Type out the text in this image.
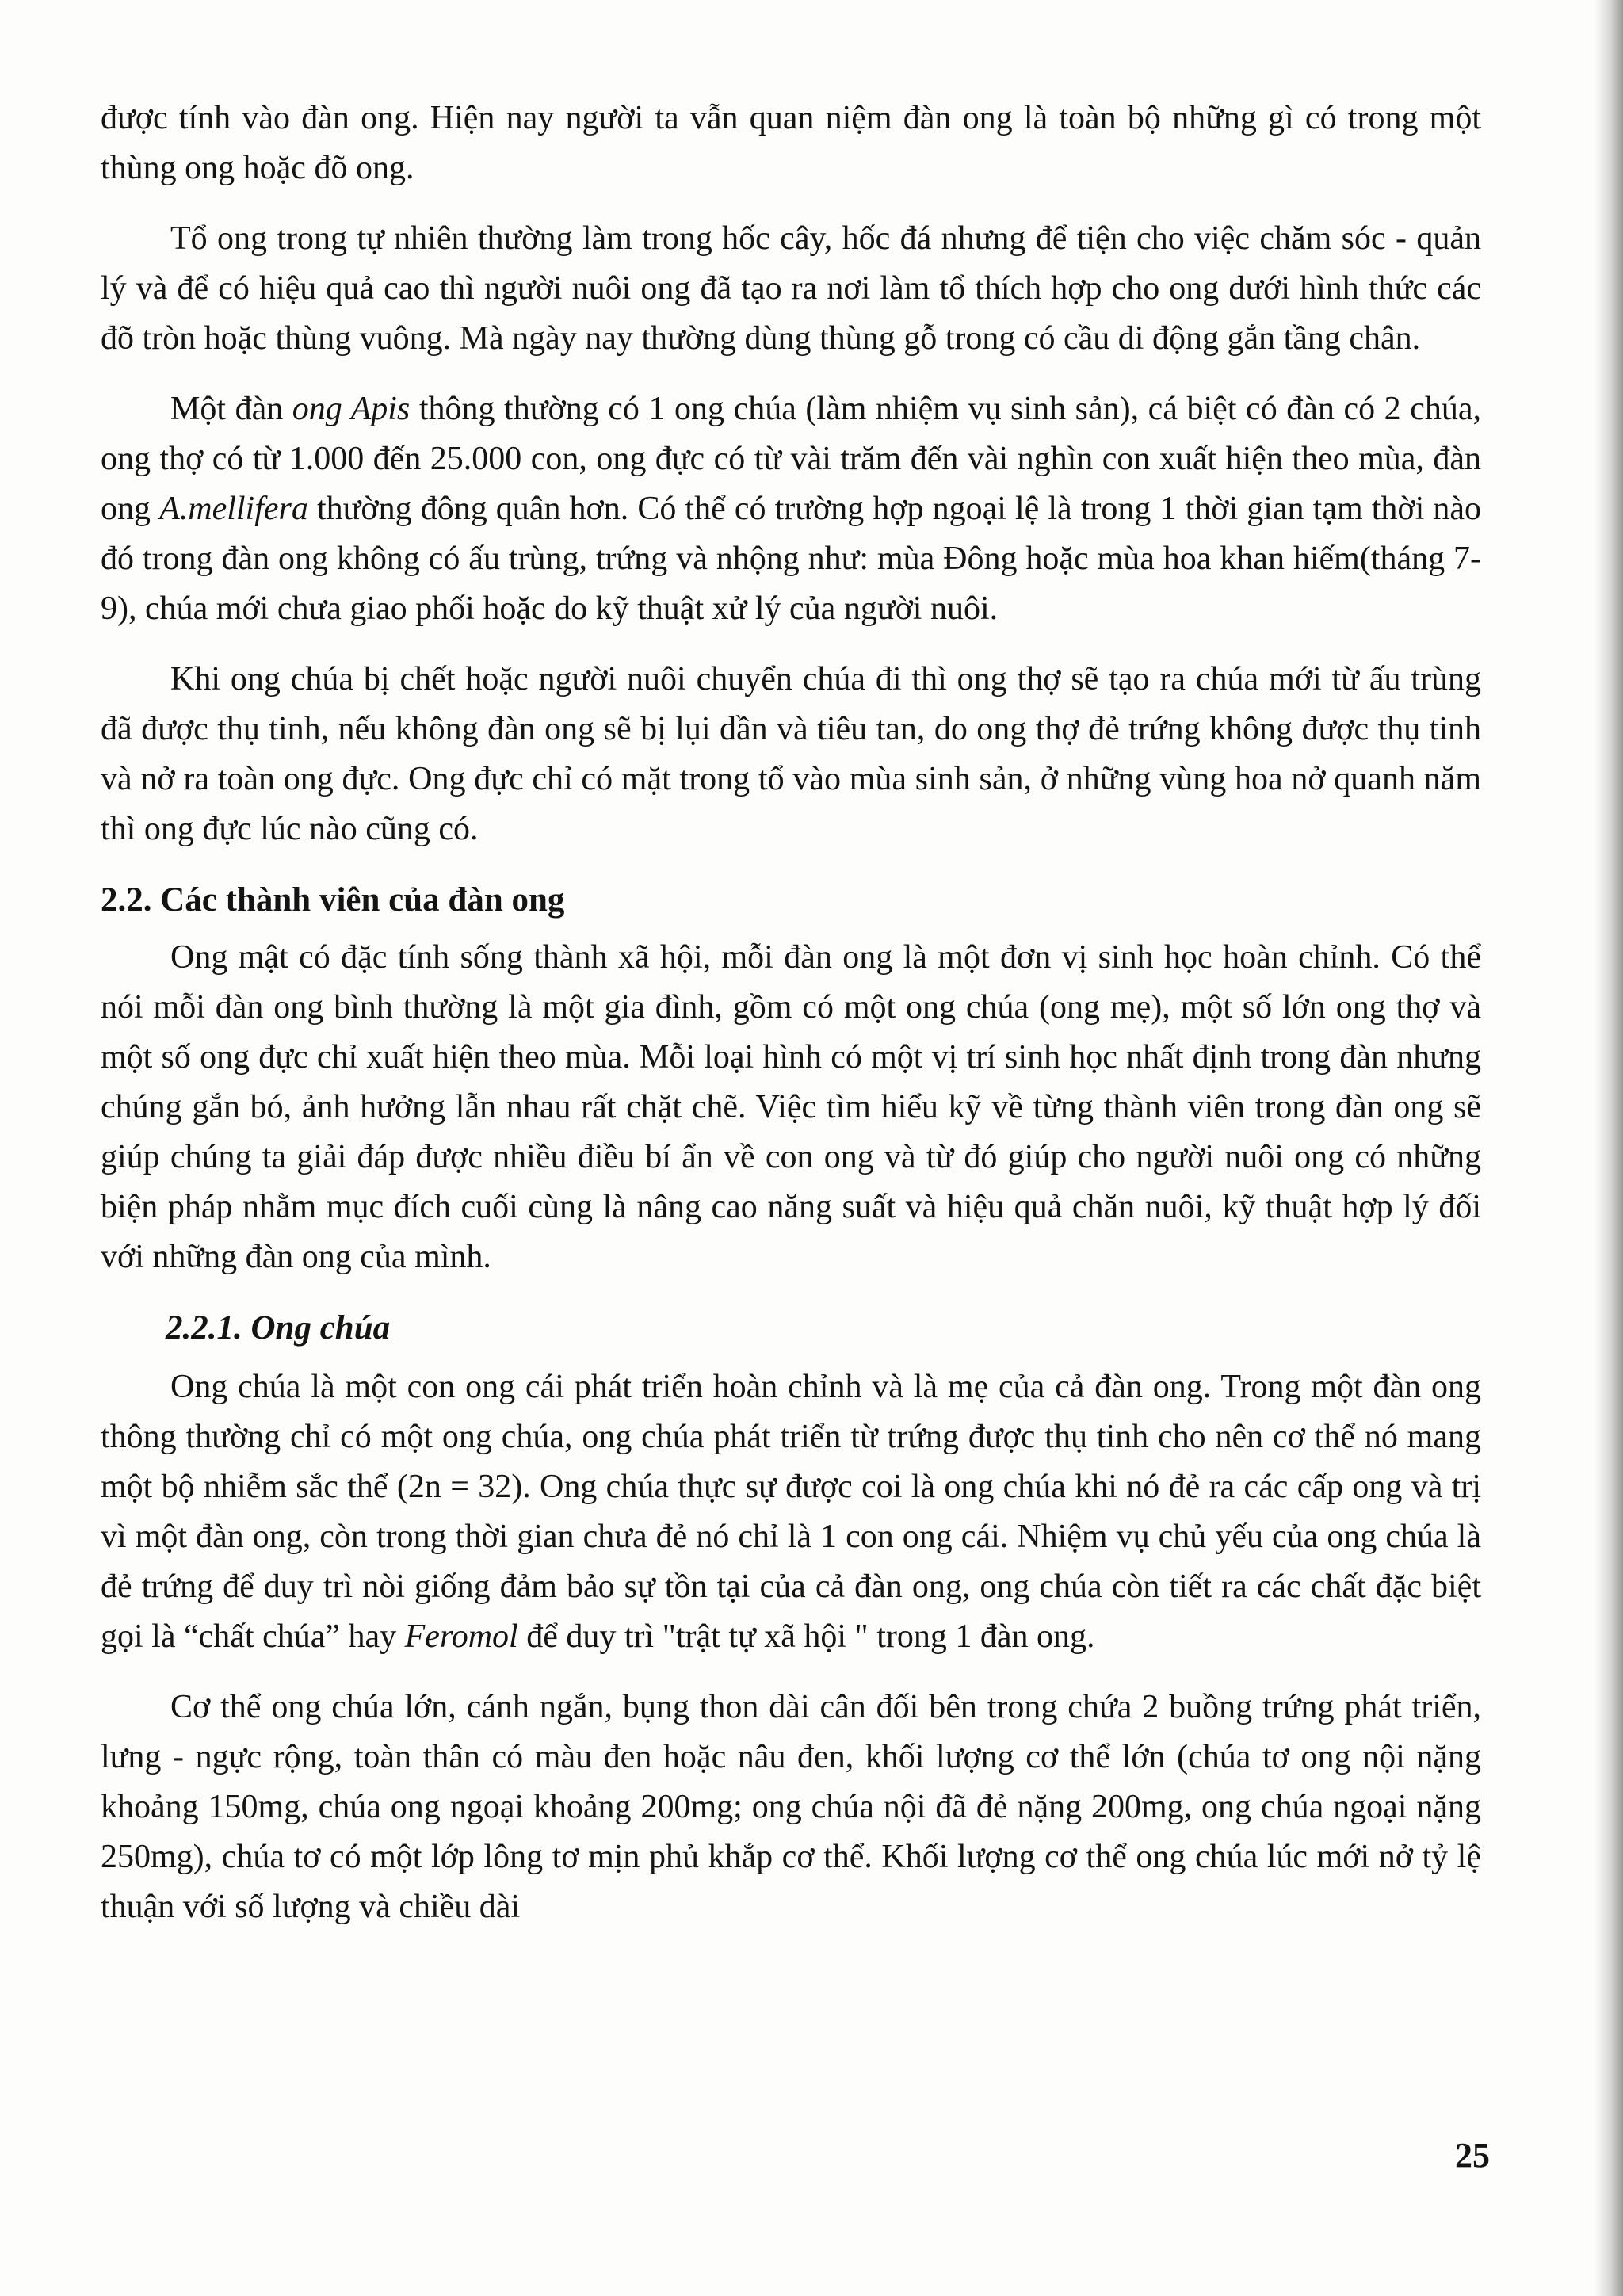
được tính vào đàn ong. Hiện nay người ta vẫn quan niệm đàn ong là toàn bộ những gì có trong một thùng ong hoặc đõ ong.

Tổ ong trong tự nhiên thường làm trong hốc cây, hốc đá nhưng để tiện cho việc chăm sóc - quản lý và để có hiệu quả cao thì người nuôi ong đã tạo ra nơi làm tổ thích hợp cho ong dưới hình thức các đõ tròn hoặc thùng vuông. Mà ngày nay thường dùng thùng gỗ trong có cầu di động gắn tầng chân.

Một đàn ong Apis thông thường có 1 ong chúa (làm nhiệm vụ sinh sản), cá biệt có đàn có 2 chúa, ong thợ có từ 1.000 đến 25.000 con, ong đực có từ vài trăm đến vài nghìn con xuất hiện theo mùa, đàn ong A.mellifera thường đông quân hơn. Có thể có trường hợp ngoại lệ là trong 1 thời gian tạm thời nào đó trong đàn ong không có ấu trùng, trứng và nhộng như: mùa Đông hoặc mùa hoa khan hiếm(tháng 7- 9), chúa mới chưa giao phối hoặc do kỹ thuật xử lý của người nuôi.

Khi ong chúa bị chết hoặc người nuôi chuyển chúa đi thì ong thợ sẽ tạo ra chúa mới từ ấu trùng đã được thụ tinh, nếu không đàn ong sẽ bị lụi dần và tiêu tan, do ong thợ đẻ trứng không được thụ tinh và nở ra toàn ong đực. Ong đực chỉ có mặt trong tổ vào mùa sinh sản, ở những vùng hoa nở quanh năm thì ong đực lúc nào cũng có.

2.2. Các thành viên của đàn ong

Ong mật có đặc tính sống thành xã hội, mỗi đàn ong là một đơn vị sinh học hoàn chỉnh. Có thể nói mỗi đàn ong bình thường là một gia đình, gồm có một ong chúa (ong mẹ), một số lớn ong thợ và một số ong đực chỉ xuất hiện theo mùa. Mỗi loại hình có một vị trí sinh học nhất định trong đàn nhưng chúng gắn bó, ảnh hưởng lẫn nhau rất chặt chẽ. Việc tìm hiểu kỹ về từng thành viên trong đàn ong sẽ giúp chúng ta giải đáp được nhiều điều bí ẩn về con ong và từ đó giúp cho người nuôi ong có những biện pháp nhằm mục đích cuối cùng là nâng cao năng suất và hiệu quả chăn nuôi, kỹ thuật hợp lý đối với những đàn ong của mình.

2.2.1. Ong chúa

Ong chúa là một con ong cái phát triển hoàn chỉnh và là mẹ của cả đàn ong. Trong một đàn ong thông thường chỉ có một ong chúa, ong chúa phát triển từ trứng được thụ tinh cho nên cơ thể nó mang một bộ nhiễm sắc thể (2n = 32). Ong chúa thực sự được coi là ong chúa khi nó đẻ ra các cấp ong và trị vì một đàn ong, còn trong thời gian chưa đẻ nó chỉ là 1 con ong cái. Nhiệm vụ chủ yếu của ong chúa là đẻ trứng để duy trì nòi giống đảm bảo sự tồn tại của cả đàn ong, ong chúa còn tiết ra các chất đặc biệt gọi là “chất chúa” hay Feromol để duy trì "trật tự xã hội " trong 1 đàn ong.

Cơ thể ong chúa lớn, cánh ngắn, bụng thon dài cân đối bên trong chứa 2 buồng trứng phát triển, lưng - ngực rộng, toàn thân có màu đen hoặc nâu đen, khối lượng cơ thể lớn (chúa tơ ong nội nặng khoảng 150mg, chúa ong ngoại khoảng 200mg; ong chúa nội đã đẻ nặng 200mg, ong chúa ngoại nặng 250mg), chúa tơ có một lớp lông tơ mịn phủ khắp cơ thể. Khối lượng cơ thể ong chúa lúc mới nở tỷ lệ thuận với số lượng và chiều dài

25
